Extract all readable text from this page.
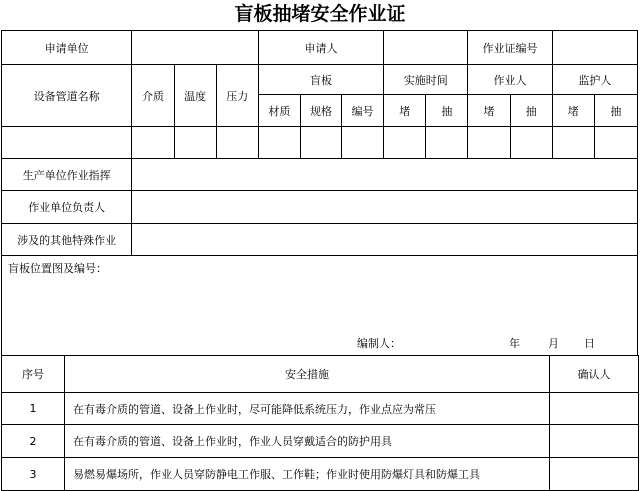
盲板抽堵安全作业证
申请单位				申请人					作业证编号			
设备管道名称	介质	温度	压力	盲板			实施时间		作业人		监护人	
				材质	规格	编号	堵	抽	堵	抽	堵	抽

生产单位作业指挥												
作业单位负责人												
涉及的其他特殊作业												

盲板位置图及编号：
编制人： 年 月 日												
序号	安全措施	确认人
1	在有毒介质的管道、设备上作业时，尽可能降低系统压力，作业点应为常压	
2	在有毒介质的管道、设备上作业时，作业人员穿戴适合的防护用具	
3	易燃易爆场所，作业人员穿防静电工作服、工作鞋；作业时使用防爆灯具和防爆工具	
